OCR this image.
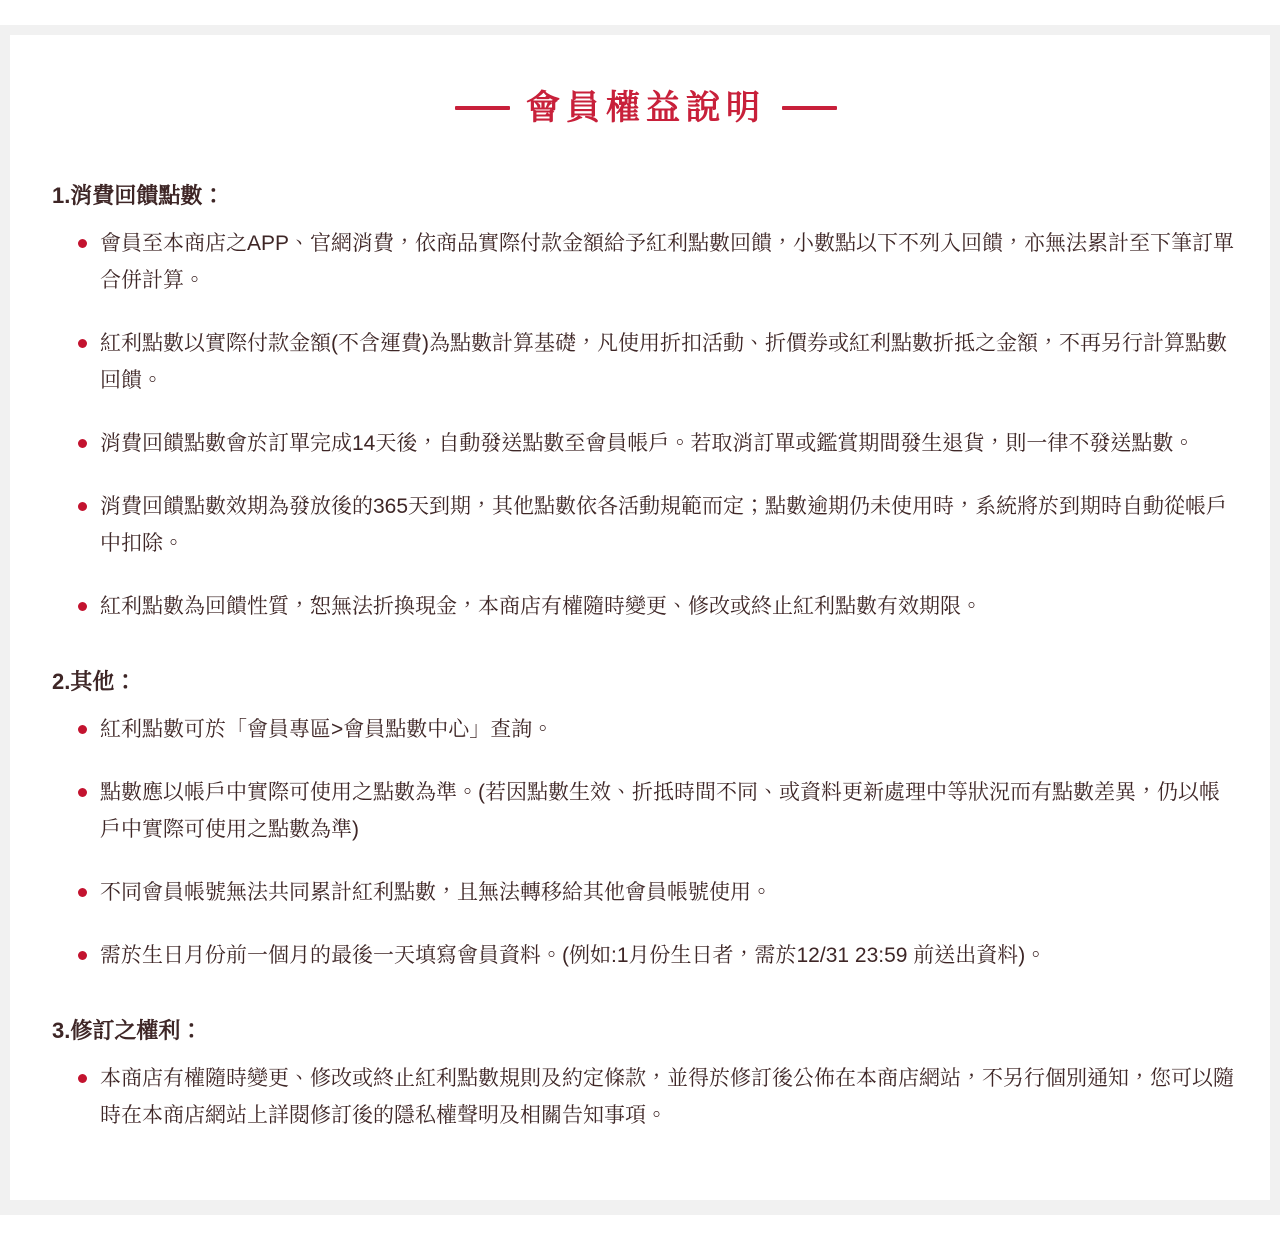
會員權益說明
1.消費回饋點數：
會員至本商店之APP、官網消費，依商品實際付款金額給予紅利點數回饋，小數點以下不列入回饋，亦無法累計至下筆訂單合併計算。
紅利點數以實際付款金額(不含運費)為點數計算基礎，凡使用折扣活動、折價券或紅利點數折抵之金額，不再另行計算點數回饋。
消費回饋點數會於訂單完成14天後，自動發送點數至會員帳戶。若取消訂單或鑑賞期間發生退貨，則一律不發送點數。
消費回饋點數效期為發放後的365天到期，其他點數依各活動規範而定；點數逾期仍未使用時，系統將於到期時自動從帳戶中扣除。
紅利點數為回饋性質，恕無法折換現金，本商店有權隨時變更、修改或終止紅利點數有效期限。
2.其他：
紅利點數可於「會員專區>會員點數中心」查詢。
點數應以帳戶中實際可使用之點數為準。(若因點數生效、折抵時間不同、或資料更新處理中等狀況而有點數差異，仍以帳戶中實際可使用之點數為準)
不同會員帳號無法共同累計紅利點數，且無法轉移給其他會員帳號使用。
需於生日月份前一個月的最後一天填寫會員資料。(例如:1月份生日者，需於12/31 23:59 前送出資料)。
3.修訂之權利：
本商店有權隨時變更、修改或終止紅利點數規則及約定條款，並得於修訂後公佈在本商店網站，不另行個別通知，您可以隨時在本商店網站上詳閱修訂後的隱私權聲明及相關告知事項。
